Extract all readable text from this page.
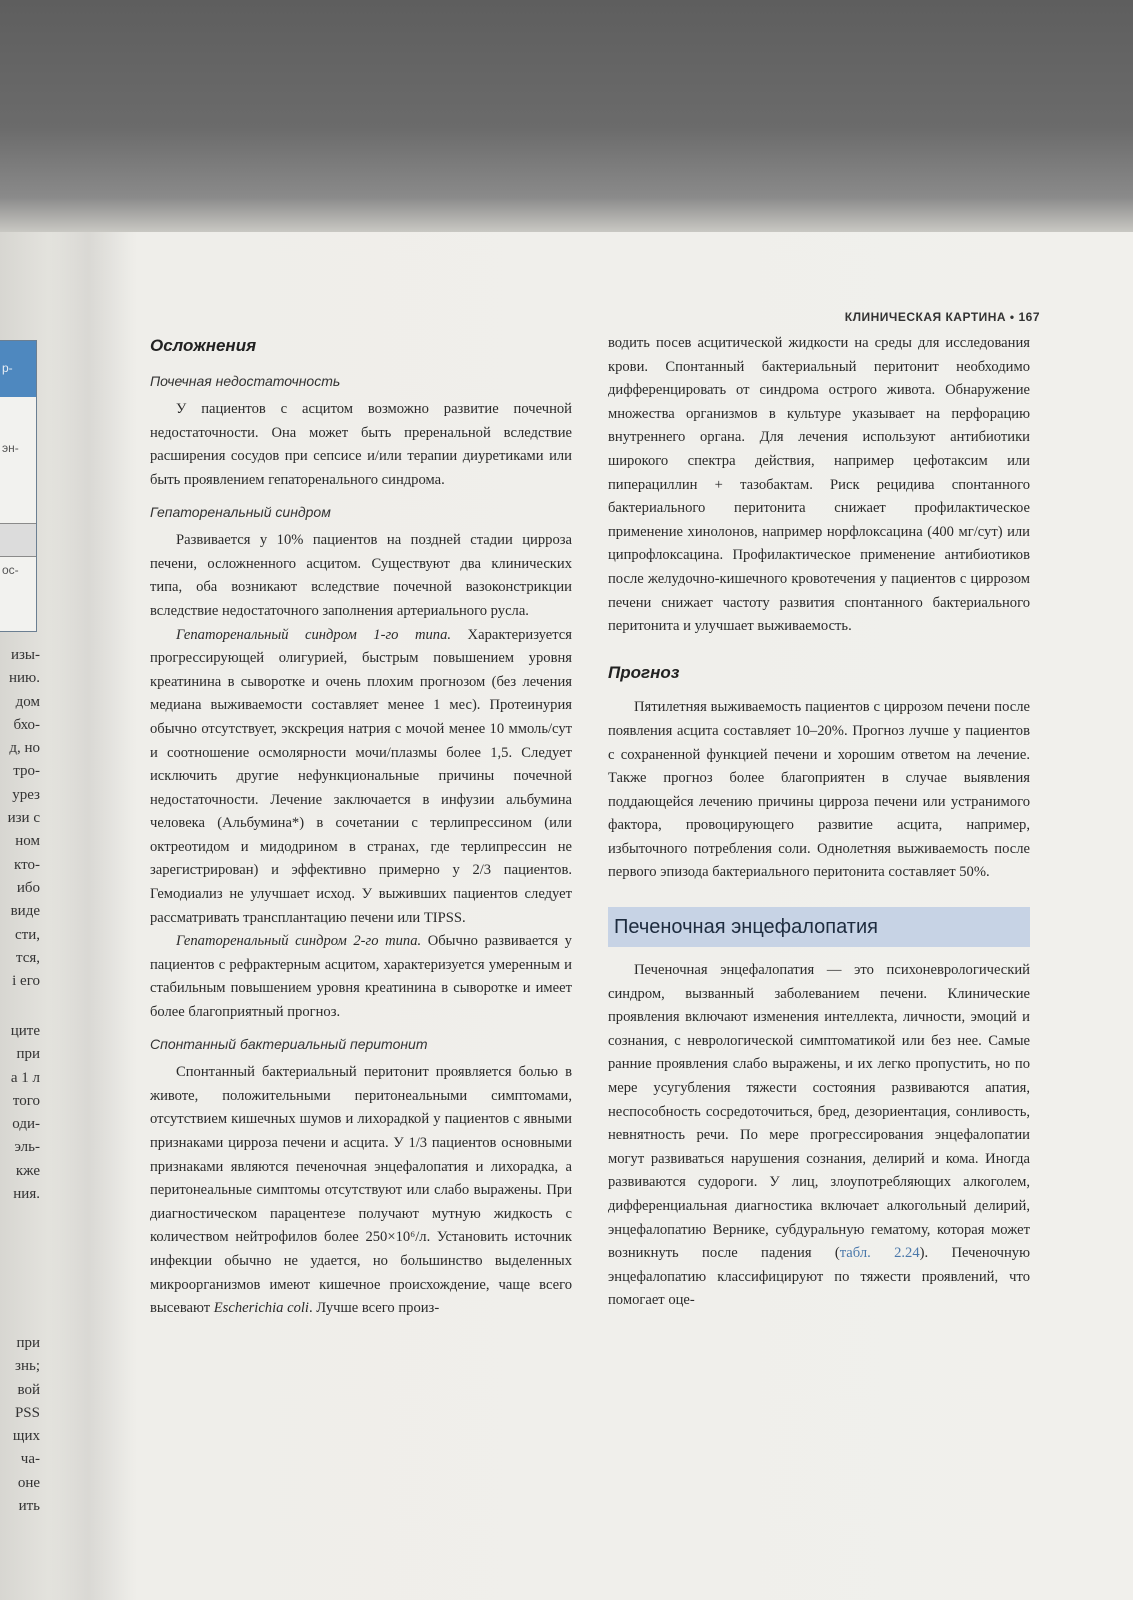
р-
эн-
ос-
изы-
нию.
дом
бхо-
д, но
тро-
урез
изи с
ном
кто-
ибо
виде
сти,
тся,
і его
ците
при
а 1 л
того
оди-
эль-
кже
ния.
при
знь;
вой
PSS
щих
ча-
оне
ить
КЛИНИЧЕСКАЯ КАРТИНА • 167
Осложнения
Почечная недостаточность

У пациентов с асцитом возможно развитие почечной недостаточности. Она может быть преренальной вследствие расширения сосудов при сепсисе и/или терапии диуретиками или быть проявлением гепаторенального синдрома.

Гепаторенальный синдром

Развивается у 10% пациентов на поздней стадии цирроза печени, осложненного асцитом. Существуют два клинических типа, оба возникают вследствие почечной вазоконстрикции вследствие недостаточного заполнения артериального русла.

Гепаторенальный синдром 1-го типа. Характеризуется прогрессирующей олигурией, быстрым повышением уровня креатинина в сыворотке и очень плохим прогнозом (без лечения медиана выживаемости составляет менее 1 мес). Протеинурия обычно отсутствует, экскреция натрия с мочой менее 10 ммоль/сут и соотношение осмолярности мочи/плазмы более 1,5. Следует исключить другие нефункциональные причины почечной недостаточности. Лечение заключается в инфузии альбумина человека (Альбумина*) в сочетании с терлипрессином (или октреотидом и мидодрином в странах, где терлипрессин не зарегистрирован) и эффективно примерно у 2/3 пациентов. Гемодиализ не улучшает исход. У выживших пациентов следует рассматривать трансплантацию печени или TIPSS.

Гепаторенальный синдром 2-го типа. Обычно развивается у пациентов с рефрактерным асцитом, характеризуется умеренным и стабильным повышением уровня креатинина в сыворотке и имеет более благоприятный прогноз.

Спонтанный бактериальный перитонит

Спонтанный бактериальный перитонит проявляется болью в животе, положительными перитонеальными симптомами, отсутствием кишечных шумов и лихорадкой у пациентов с явными признаками цирроза печени и асцита. У 1/3 пациентов основными признаками являются печеночная энцефалопатия и лихорадка, а перитонеальные симптомы отсутствуют или слабо выражены. При диагностическом парацентезе получают мутную жидкость с количеством нейтрофилов более 250×10⁶/л. Установить источник инфекции обычно не удается, но большинство выделенных микроорганизмов имеют кишечное происхождение, чаще всего высевают Escherichia coli. Лучше всего произ-

водить посев асцитической жидкости на среды для исследования крови. Спонтанный бактериальный перитонит необходимо дифференцировать от синдрома острого живота. Обнаружение множества организмов в культуре указывает на перфорацию внутреннего органа. Для лечения используют антибиотики широкого спектра действия, например цефотаксим или пиперациллин + тазобактам. Риск рецидива спонтанного бактериального перитонита снижает профилактическое применение хинолонов, например норфлоксацина (400 мг/сут) или ципрофлоксацина. Профилактическое применение антибиотиков после желудочно-кишечного кровотечения у пациентов с циррозом печени снижает частоту развития спонтанного бактериального перитонита и улучшает выживаемость.

Прогноз

Пятилетняя выживаемость пациентов с циррозом печени после появления асцита составляет 10–20%. Прогноз лучше у пациентов с сохраненной функцией печени и хорошим ответом на лечение. Также прогноз более благоприятен в случае выявления поддающейся лечению причины цирроза печени или устранимого фактора, провоцирующего развитие асцита, например, избыточного потребления соли. Однолетняя выживаемость после первого эпизода бактериального перитонита составляет 50%.

Печеночная энцефалопатия

Печеночная энцефалопатия — это психоневрологический синдром, вызванный заболеванием печени. Клинические проявления включают изменения интеллекта, личности, эмоций и сознания, с неврологической симптоматикой или без нее. Самые ранние проявления слабо выражены, и их легко пропустить, но по мере усугубления тяжести состояния развиваются апатия, неспособность сосредоточиться, бред, дезориентация, сонливость, невнятность речи. По мере прогрессирования энцефалопатии могут развиваться нарушения сознания, делирий и кома. Иногда развиваются судороги. У лиц, злоупотребляющих алкоголем, дифференциальная диагностика включает алкогольный делирий, энцефалопатию Вернике, субдуральную гематому, которая может возникнуть после падения (табл. 2.24). Печеночную энцефалопатию классифицируют по тяжести проявлений, что помогает оце-
